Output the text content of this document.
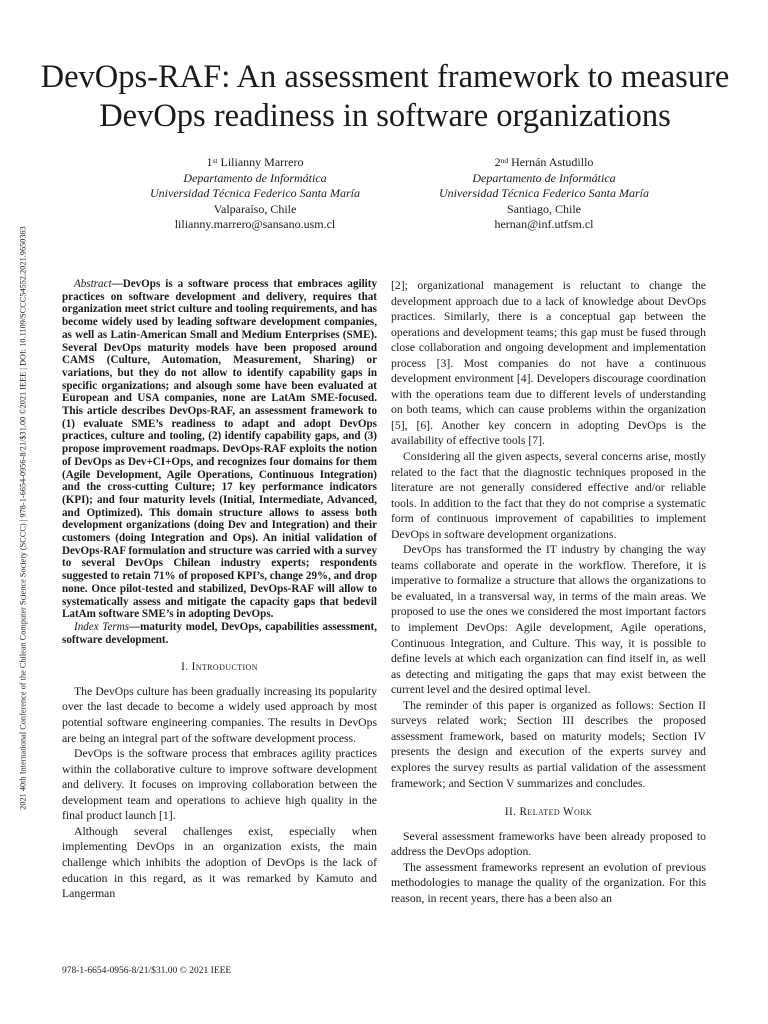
2021 40th International Conference of the Chilean Computer Science Society (SCCC) | 978-1-6654-0956-8/21/$31.00 ©2021 IEEE | DOI: 10.1109/SCCC54552.2021.9650363
DevOps-RAF: An assessment framework to measure DevOps readiness in software organizations
1st Lilianny Marrero
Departamento de Informática
Universidad Técnica Federico Santa María
Valparaíso, Chile
lilianny.marrero@sansano.usm.cl
2nd Hernán Astudillo
Departamento de Informática
Universidad Técnica Federico Santa María
Santiago, Chile
hernan@inf.utfsm.cl

Abstract—DevOps is a software process that embraces agility practices on software development and delivery, requires that organization meet strict culture and tooling requirements, and has become widely used by leading software development companies, as well as Latin-American Small and Medium Enterprises (SME). Several DevOps maturity models have been proposed around CAMS (Culture, Automation, Measurement, Sharing) or variations, but they do not allow to identify capability gaps in specific organizations; and alsough some have been evaluated at European and USA companies, none are LatAm SME-focused. This article describes DevOps-RAF, an assessment framework to (1) evaluate SME’s readiness to adapt and adopt DevOps practices, culture and tooling, (2) identify capability gaps, and (3) propose improvement roadmaps. DevOps-RAF exploits the notion of DevOps as Dev+CI+Ops, and recognizes four domains for them (Agile Development, Agile Operations, Continuous Integration) and the cross-cutting Culture; 17 key performance indicators (KPI); and four maturity levels (Initial, Intermediate, Advanced, and Optimized). This domain structure allows to assess both development organizations (doing Dev and Integration) and their customers (doing Integration and Ops). An initial validation of DevOps-RAF formulation and structure was carried with a survey to several DevOps Chilean industry experts; respondents suggested to retain 71% of proposed KPI’s, change 29%, and drop none. Once pilot-tested and stabilized, DevOps-RAF will allow to systematically assess and mitigate the capacity gaps that bedevil LatAm software SME’s in adopting DevOps.

Index Terms—maturity model, DevOps, capabilities assessment, software development.

I. Introduction

The DevOps culture has been gradually increasing its popularity over the last decade to become a widely used approach by most potential software engineering companies. The results in DevOps are being an integral part of the software development process.

DevOps is the software process that embraces agility practices within the collaborative culture to improve software development and delivery. It focuses on improving collaboration between the development team and operations to achieve high quality in the final product launch [1].

Although several challenges exist, especially when implementing DevOps in an organization exists, the main challenge which inhibits the adoption of DevOps is the lack of education in this regard, as it was remarked by Kamuto and Langerman

[2]; organizational management is reluctant to change the development approach due to a lack of knowledge about DevOps practices. Similarly, there is a conceptual gap between the operations and development teams; this gap must be fused through close collaboration and ongoing development and implementation process [3]. Most companies do not have a continuous development environment [4]. Developers discourage coordination with the operations team due to different levels of understanding on both teams, which can cause problems within the organization [5], [6]. Another key concern in adopting DevOps is the availability of effective tools [7].

Considering all the given aspects, several concerns arise, mostly related to the fact that the diagnostic techniques proposed in the literature are not generally considered effective and/or reliable tools. In addition to the fact that they do not comprise a systematic form of continuous improvement of capabilities to implement DevOps in software development organizations.

DevOps has transformed the IT industry by changing the way teams collaborate and operate in the workflow. Therefore, it is imperative to formalize a structure that allows the organizations to be evaluated, in a transversal way, in terms of the main areas. We proposed to use the ones we considered the most important factors to implement DevOps: Agile development, Agile operations, Continuous Integration, and Culture. This way, it is possible to define levels at which each organization can find itself in, as well as detecting and mitigating the gaps that may exist between the current level and the desired optimal level.

The reminder of this paper is organized as follows: Section II surveys related work; Section III describes the proposed assessment framework, based on maturity models; Section IV presents the design and execution of the experts survey and explores the survey results as partial validation of the assessment framework; and Section V summarizes and concludes.

II. Related Work

Several assessment frameworks have been already proposed to address the DevOps adoption.

The assessment frameworks represent an evolution of previous methodologies to manage the quality of the organization. For this reason, in recent years, there has a been also an

978-1-6654-0956-8/21/$31.00 © 2021 IEEE
